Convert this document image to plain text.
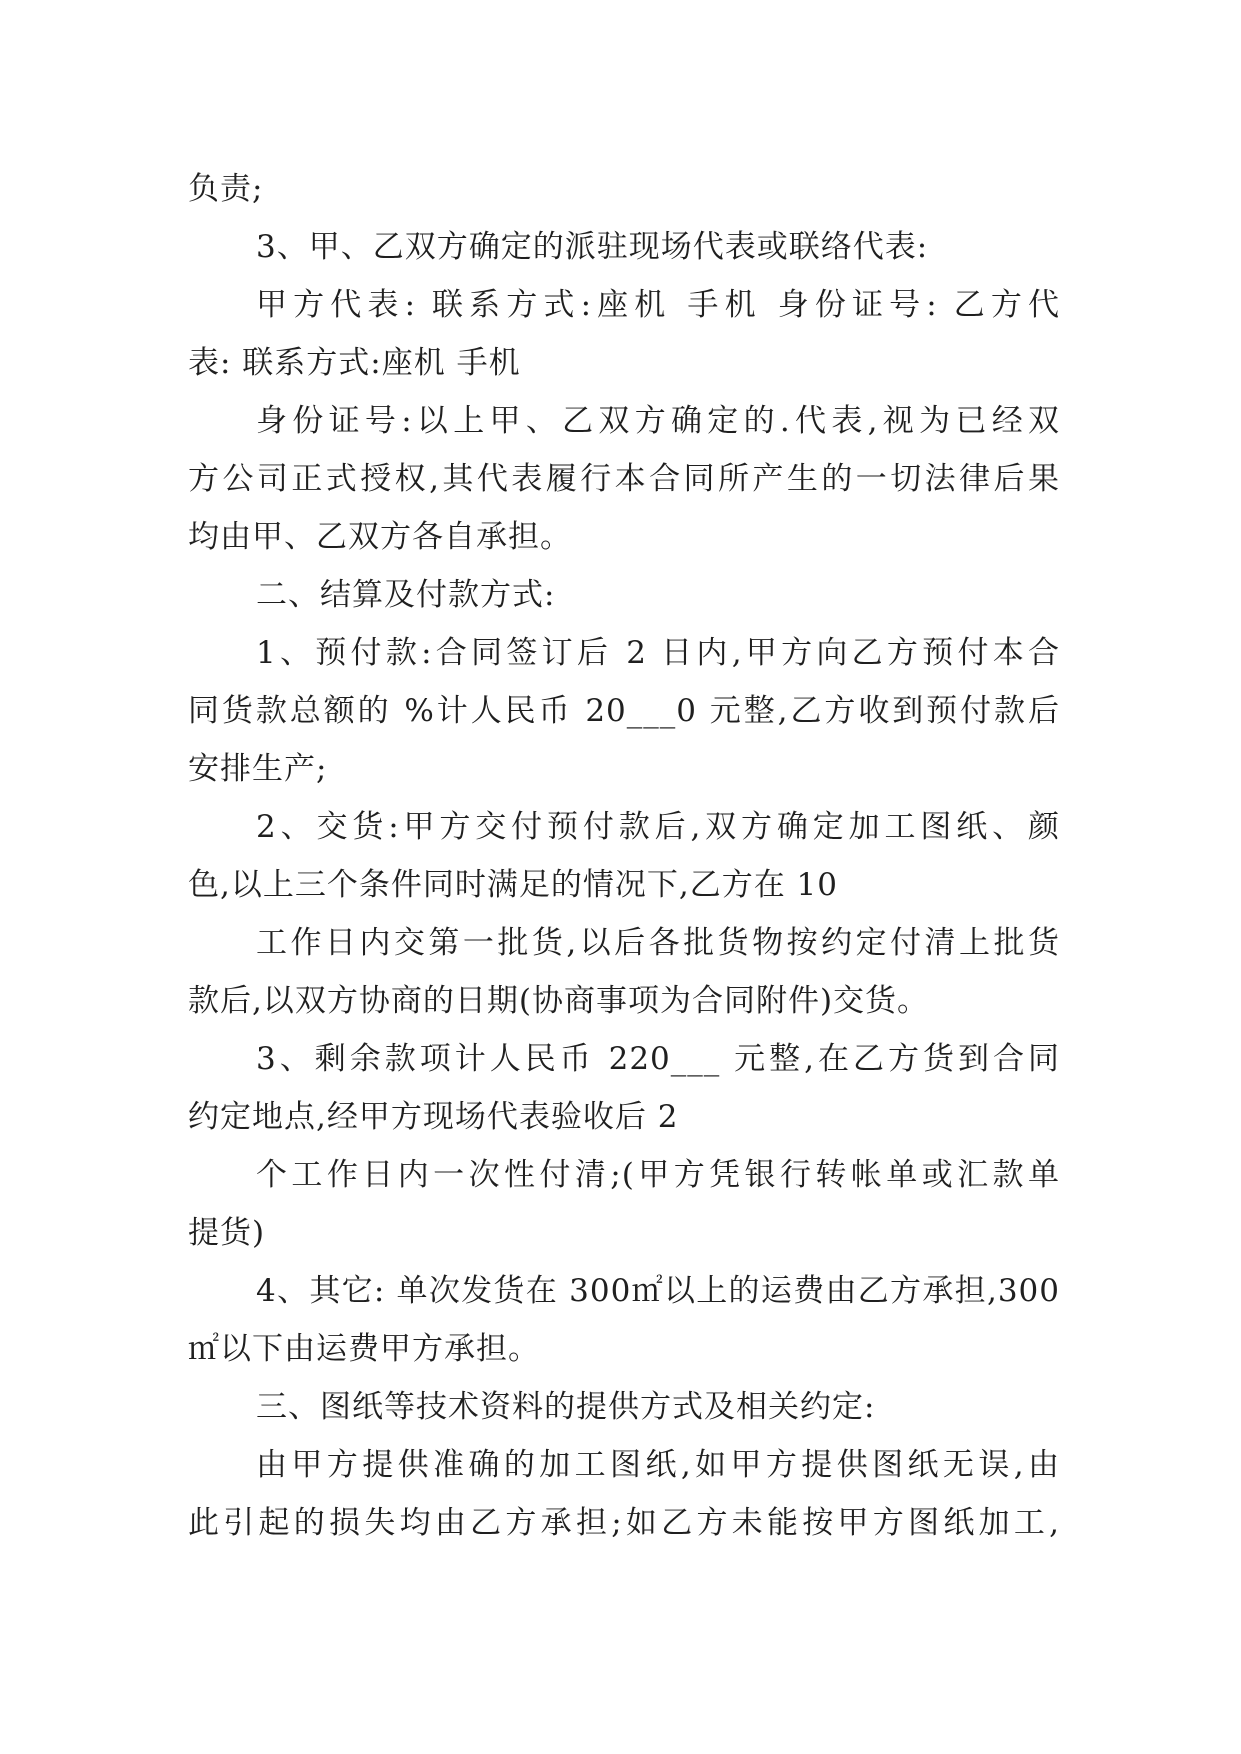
负责;
3、甲、乙双方确定的派驻现场代表或联络代表:
甲方代表: 联系方式:座机 手机 身份证号: 乙方代
表: 联系方式:座机 手机
身份证号:以上甲、乙双方确定的.代表,视为已经双
方公司正式授权,其代表履行本合同所产生的一切法律后果
均由甲、乙双方各自承担。
二、结算及付款方式:
1、预付款:合同签订后 2 日内,甲方向乙方预付本合
同货款总额的 %计人民币 20___0 元整,乙方收到预付款后
安排生产;
2、交货:甲方交付预付款后,双方确定加工图纸、颜
色,以上三个条件同时满足的情况下,乙方在 10
工作日内交第一批货,以后各批货物按约定付清上批货
款后,以双方协商的日期(协商事项为合同附件)交货。
3、剩余款项计人民币 220___ 元整,在乙方货到合同
约定地点,经甲方现场代表验收后 2
个工作日内一次性付清;(甲方凭银行转帐单或汇款单
提货)
4、其它: 单次发货在 300㎡以上的运费由乙方承担,300
㎡以下由运费甲方承担。
三、图纸等技术资料的提供方式及相关约定:
由甲方提供准确的加工图纸,如甲方提供图纸无误,由
此引起的损失均由乙方承担;如乙方未能按甲方图纸加工,
